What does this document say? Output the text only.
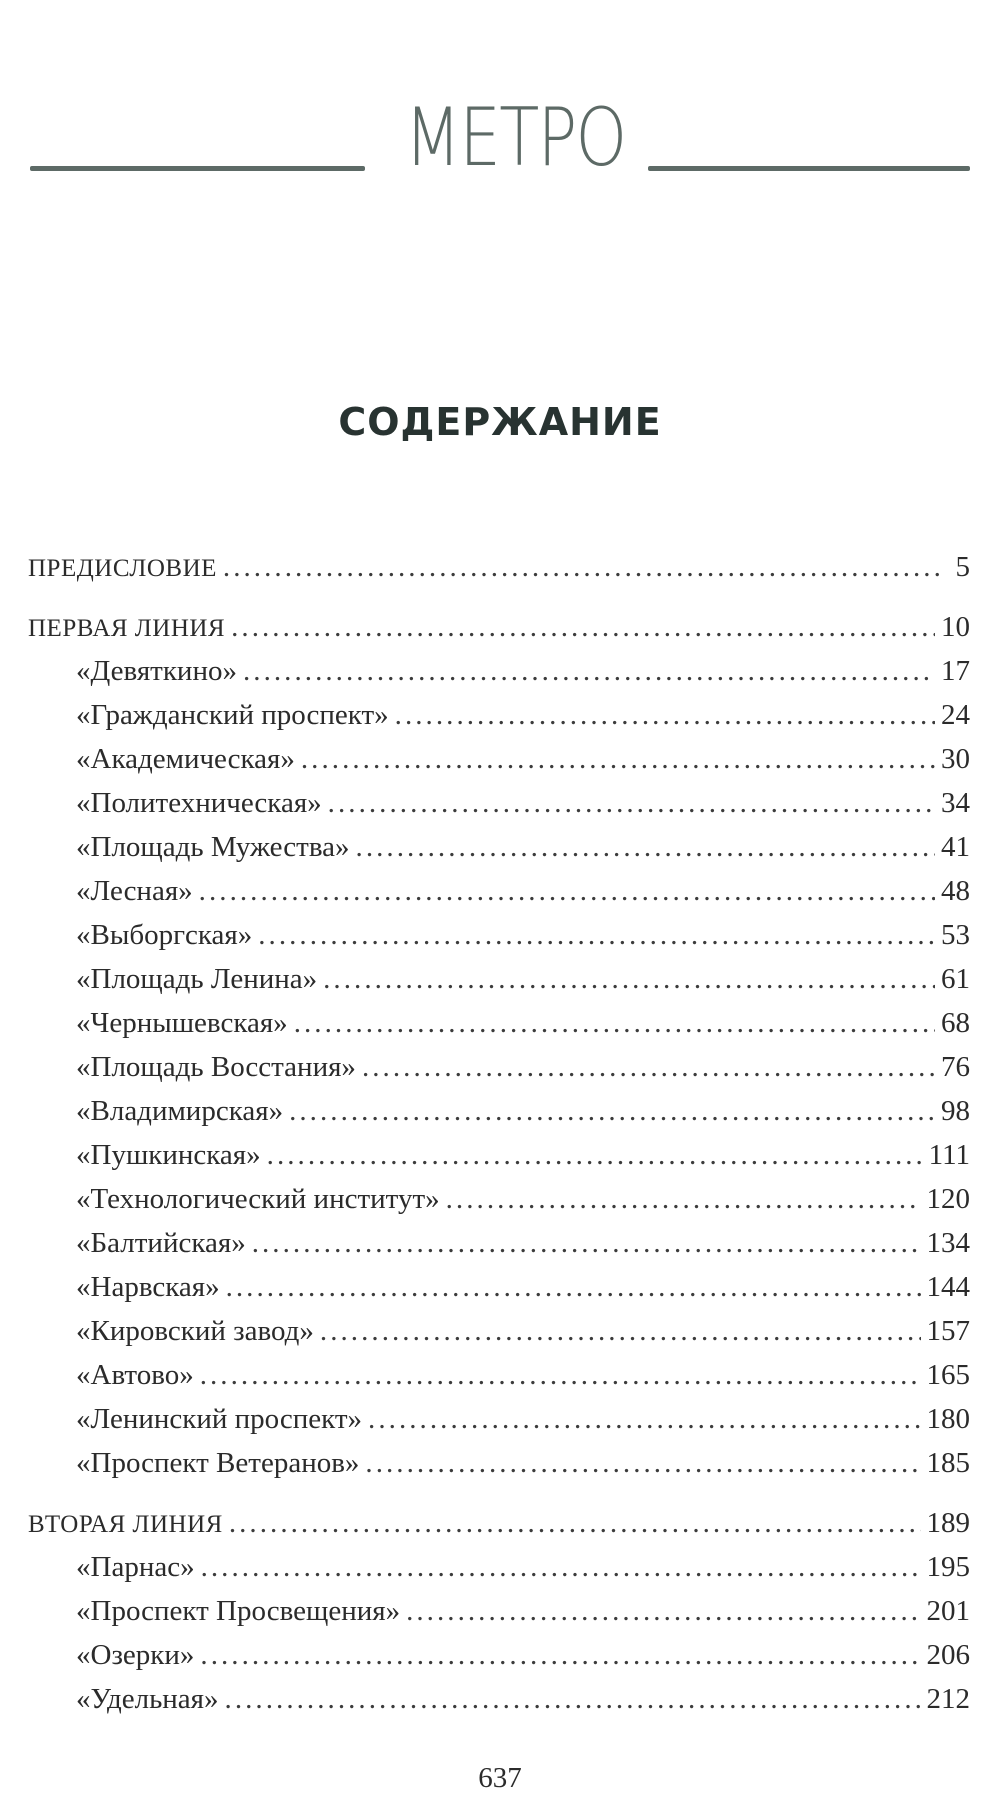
МЕТРО
СОДЕРЖАНИЕ
ПРЕДИСЛОВИЕ . . .	5
ПЕРВАЯ ЛИНИЯ . . .	10
«Девяткино» . . .	17
«Гражданский проспект» . . .	24
«Академическая» . . .	30
«Политехническая» . . .	34
«Площадь Мужества» . . .	41
«Лесная» . . .	48
«Выборгская» . . .	53
«Площадь Ленина» . . .	61
«Чернышевская» . . .	68
«Площадь Восстания» . . .	76
«Владимирская» . . .	98
«Пушкинская» . . .	111
«Технологический институт» . . .	120
«Балтийская» . . .	134
«Нарвская» . . .	144
«Кировский завод» . . .	157
«Автово» . . .	165
«Ленинский проспект» . . .	180
«Проспект Ветеранов» . . .	185
ВТОРАЯ ЛИНИЯ . . .	189
«Парнас» . . .	195
«Проспект Просвещения» . . .	201
«Озерки» . . .	206
«Удельная» . . .	212
637
